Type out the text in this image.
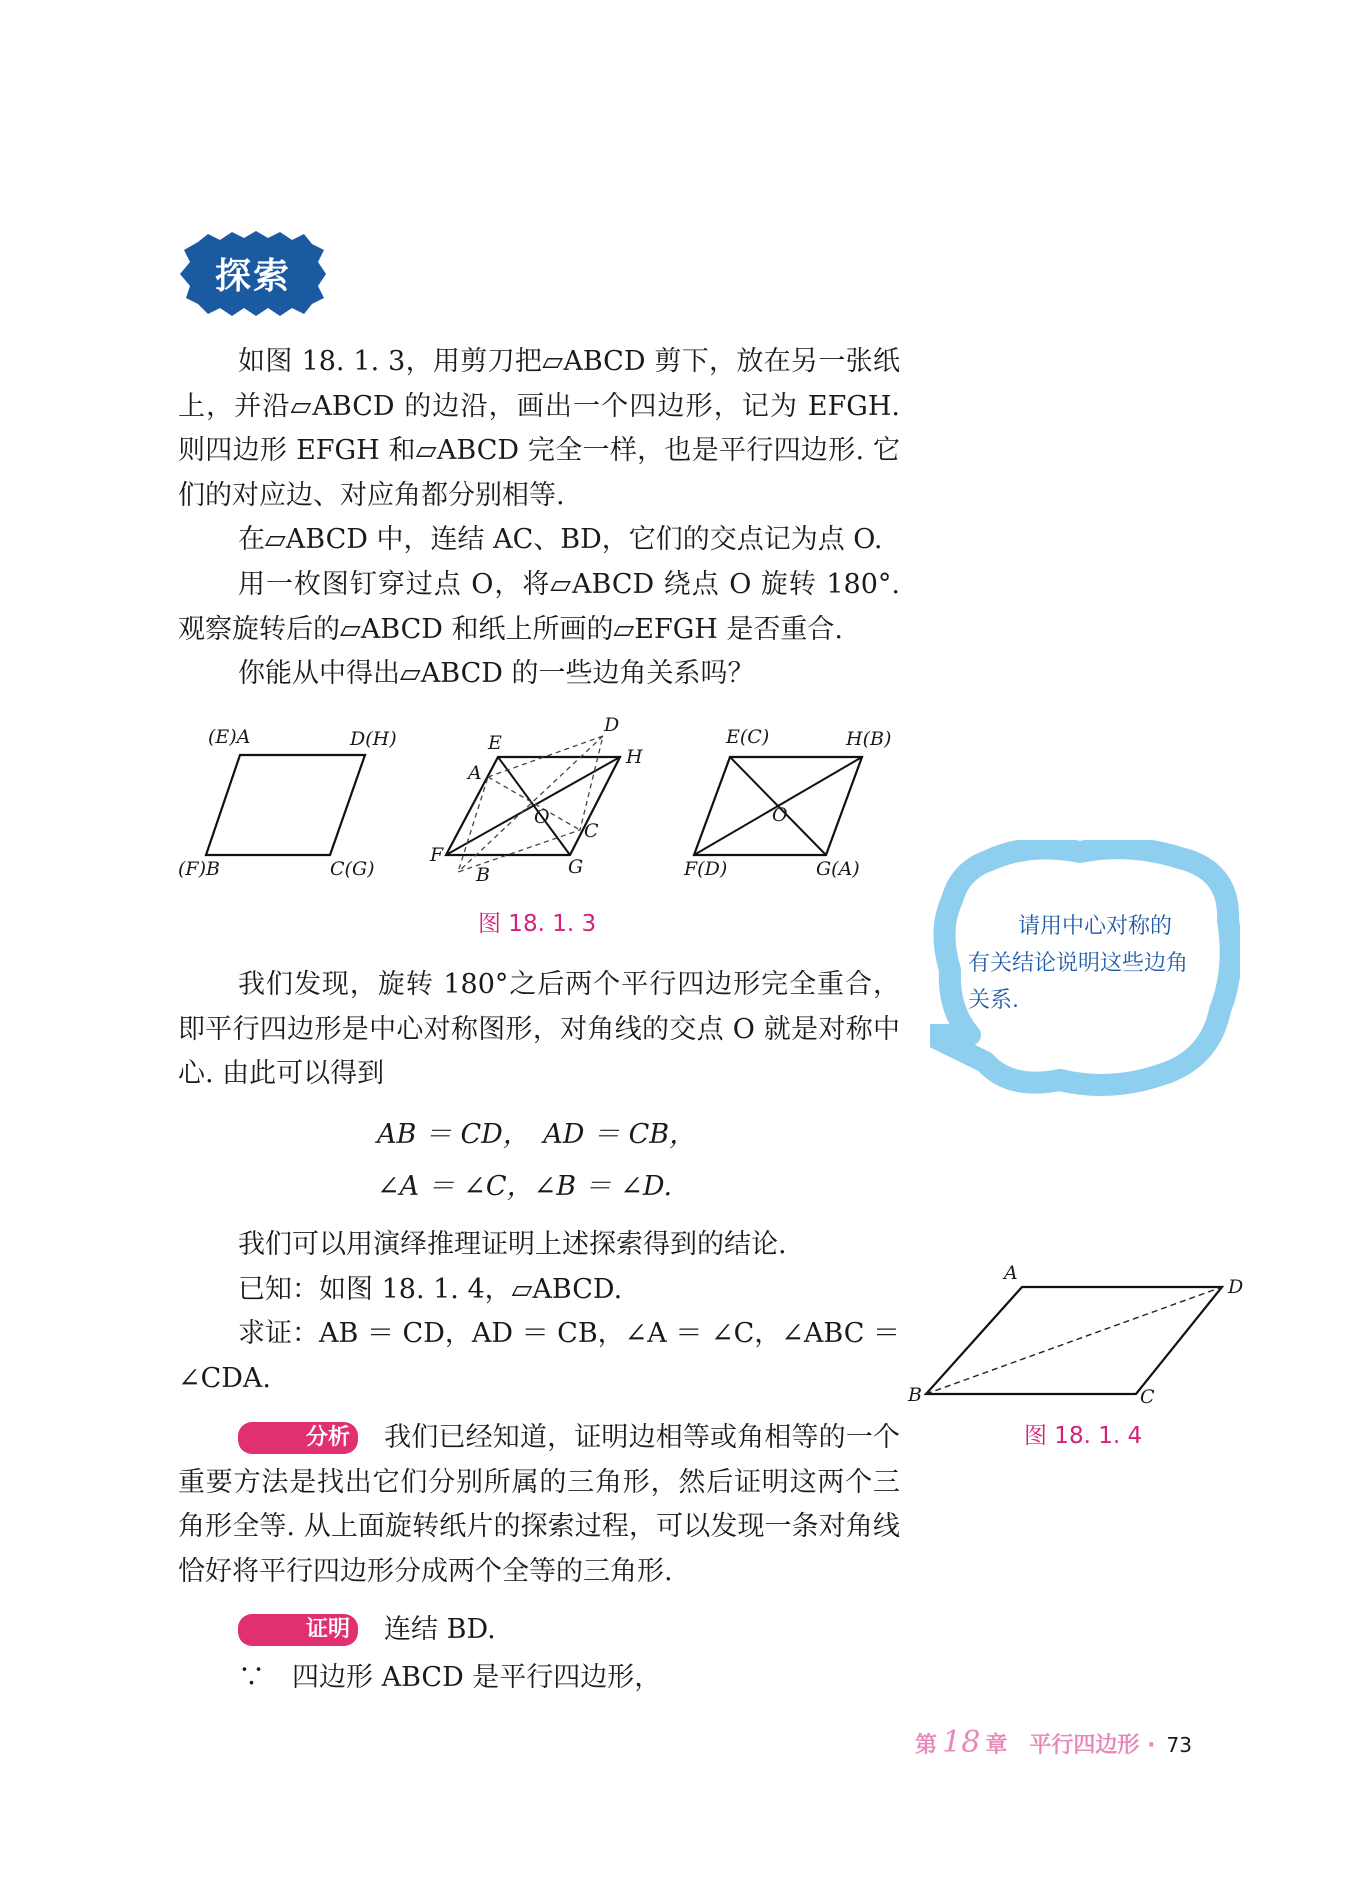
探索
如图 18. 1. 3，用剪刀把▱ABCD 剪下，放在另一张纸上，并沿▱ABCD 的边沿，画出一个四边形，记为 EFGH. 则四边形 EFGH 和▱ABCD 完全一样，也是平行四边形. 它们的对应边、对应角都分别相等.
在▱ABCD 中，连结 AC、BD，它们的交点记为点 O.
用一枚图钉穿过点 O，将▱ABCD 绕点 O 旋转 180°. 观察旋转后的▱ABCD 和纸上所画的▱EFGH 是否重合.
你能从中得出▱ABCD 的一些边角关系吗？
(E)A	D(H)
(F)B	C(G)
E
D
H
A
O
C
F
B	G
E(C)	H(B)
O
F(D)	G(A)
图 18. 1. 3	请用中心对称的有关结论说明这些边角关系.
我们发现，旋转 180°之后两个平行四边形完全重合，即平行四边形是中心对称图形，对角线的交点 O 就是对称中心. 由此可以得到
AB ＝ CD，　AD ＝ CB，
∠A ＝ ∠C，∠B ＝ ∠D.
我们可以用演绎推理证明上述探索得到的结论.
已知：如图 18. 1. 4，▱ABCD.
求证：AB ＝ CD，AD ＝ CB，∠A ＝ ∠C，∠ABC ＝ ∠CDA.
A
D
B	C
图 18. 1. 4
分析 我们已经知道，证明边相等或角相等的一个重要方法是找出它们分别所属的三角形，然后证明这两个三角形全等. 从上面旋转纸片的探索过程，可以发现一条对角线恰好将平行四边形分成两个全等的三角形.
证明 连结 BD.
∵　四边形 ABCD 是平行四边形，
第 18 章　平行四边形 · 73
